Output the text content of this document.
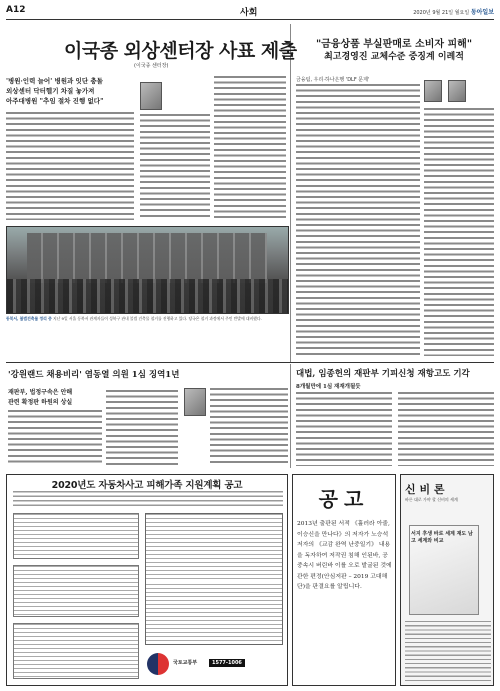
A12	사회	2020년 9월 21일 월요일 동아일보
이국종 외상센터장 사표 제출
(이국종 센터장)
'병원·인력 늘어' 병원과 잇단 충돌
외상센터 닥터헬기 차질 놓가져
아주대병원 "추임 절차 진행 없다"
"금융상품 부실판매로 소비자 피해"
최고경영진 교체수준 중징계 이례적
금융팀, 우리·하나은행 'DLF 문제'
동북서, 불법건축물 정리 중 지난 9일 서울 동북서 관계자들이 성북구 관내 불법 건축물 철거를 진행하고 있다. 당국은 철거 과정에서 주민 반발에 대비했다.
'강원랜드 채용비리' 염동열 의원 1심 징역1년
재판부, 법정구속은 안해
관련 확정판 하원의 상실
대법, 임종헌의 재판부 기피신청 재항고도 기각
8개월만에 1심 재재개될듯
2020년도 자동차사고 피해가족 지원계획 공고
국토교통부	1577-1006
공고
2013년 출판된 서적 《흘러라 아줄, 이승신을 만나다》의 저자가 노승석 저자의 《교감 완역 난중일기》 내용을 독자하여 저작권 침해 인된바, 공중속시 버린바 이를 오로 발굴된 것에 관한 편정(안심저판 – 2019 고대해단)을 판결요를 알립니다.
신 비 론
바른 대로 가야 할 신비의 세계
서지 후생 바로 세계 재도 남고 세계와 비교
